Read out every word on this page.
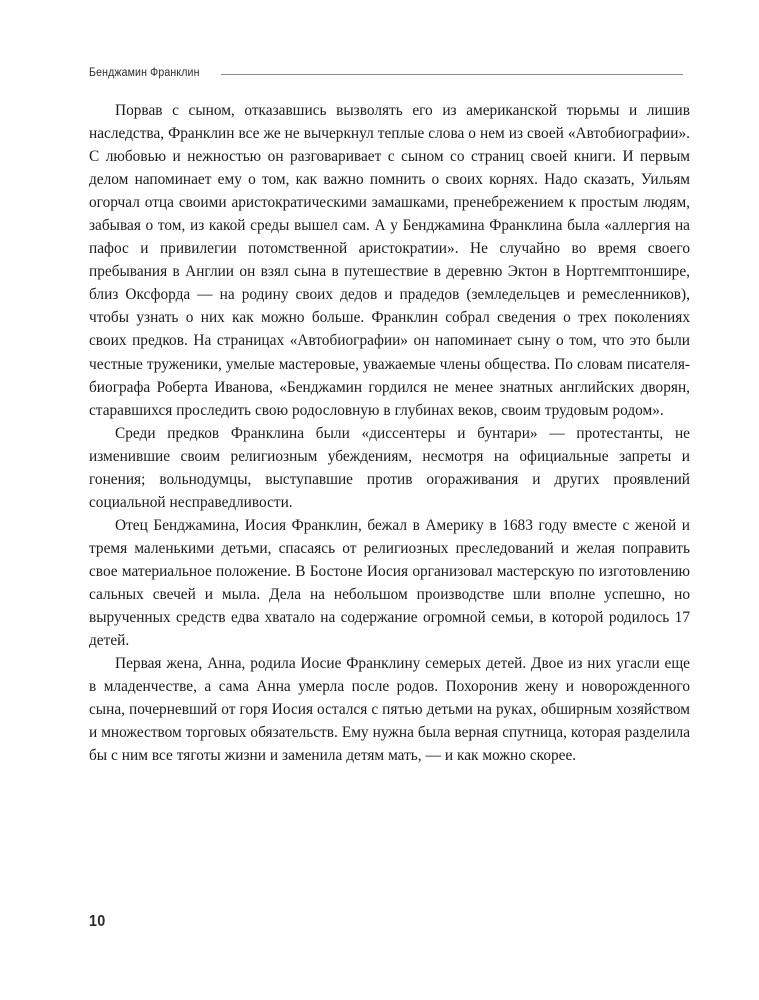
Бенджамин Франклин

Порвав с сыном, отказавшись вызволять его из американской тюрьмы и лишив наследства, Франклин все же не вычеркнул теплые слова о нем из своей «Автобиографии». С любовью и нежностью он разговаривает с сыном со страниц своей книги. И первым делом напоминает ему о том, как важно помнить о своих корнях. Надо сказать, Уильям огорчал отца своими аристократическими замашками, пренебрежением к простым людям, забывая о том, из какой среды вышел сам. А у Бенджамина Франклина была «аллергия на пафос и привилегии потомственной аристократии». Не случайно во время своего пребывания в Англии он взял сына в путешествие в деревню Эктон в Нортгемптоншире, близ Оксфорда — на родину своих дедов и прадедов (земледельцев и ремесленников), чтобы узнать о них как можно больше. Франклин собрал сведения о трех поколениях своих предков. На страницах «Автобиографии» он напоминает сыну о том, что это были честные труженики, умелые мастеровые, уважаемые члены общества. По словам писателя-биографа Роберта Иванова, «Бенджамин гордился не менее знатных английских дворян, старавшихся проследить свою родословную в глубинах веков, своим трудовым родом».

Среди предков Франклина были «диссентеры и бунтари» — протестанты, не изменившие своим религиозным убеждениям, несмотря на официальные запреты и гонения; вольнодумцы, выступавшие против огораживания и других проявлений социальной несправедливости.

Отец Бенджамина, Иосия Франклин, бежал в Америку в 1683 году вместе с женой и тремя маленькими детьми, спасаясь от религиозных преследований и желая поправить свое материальное положение. В Бостоне Иосия организовал мастерскую по изготовлению сальных свечей и мыла. Дела на небольшом производстве шли вполне успешно, но вырученных средств едва хватало на содержание огромной семьи, в которой родилось 17 детей.

Первая жена, Анна, родила Иосие Франклину семерых детей. Двое из них угасли еще в младенчестве, а сама Анна умерла после родов. Похоронив жену и новорожденного сына, почерневший от горя Иосия остался с пятью детьми на руках, обширным хозяйством и множеством торговых обязательств. Ему нужна была верная спутница, которая разделила бы с ним все тяготы жизни и заменила детям мать, — и как можно скорее.

10
